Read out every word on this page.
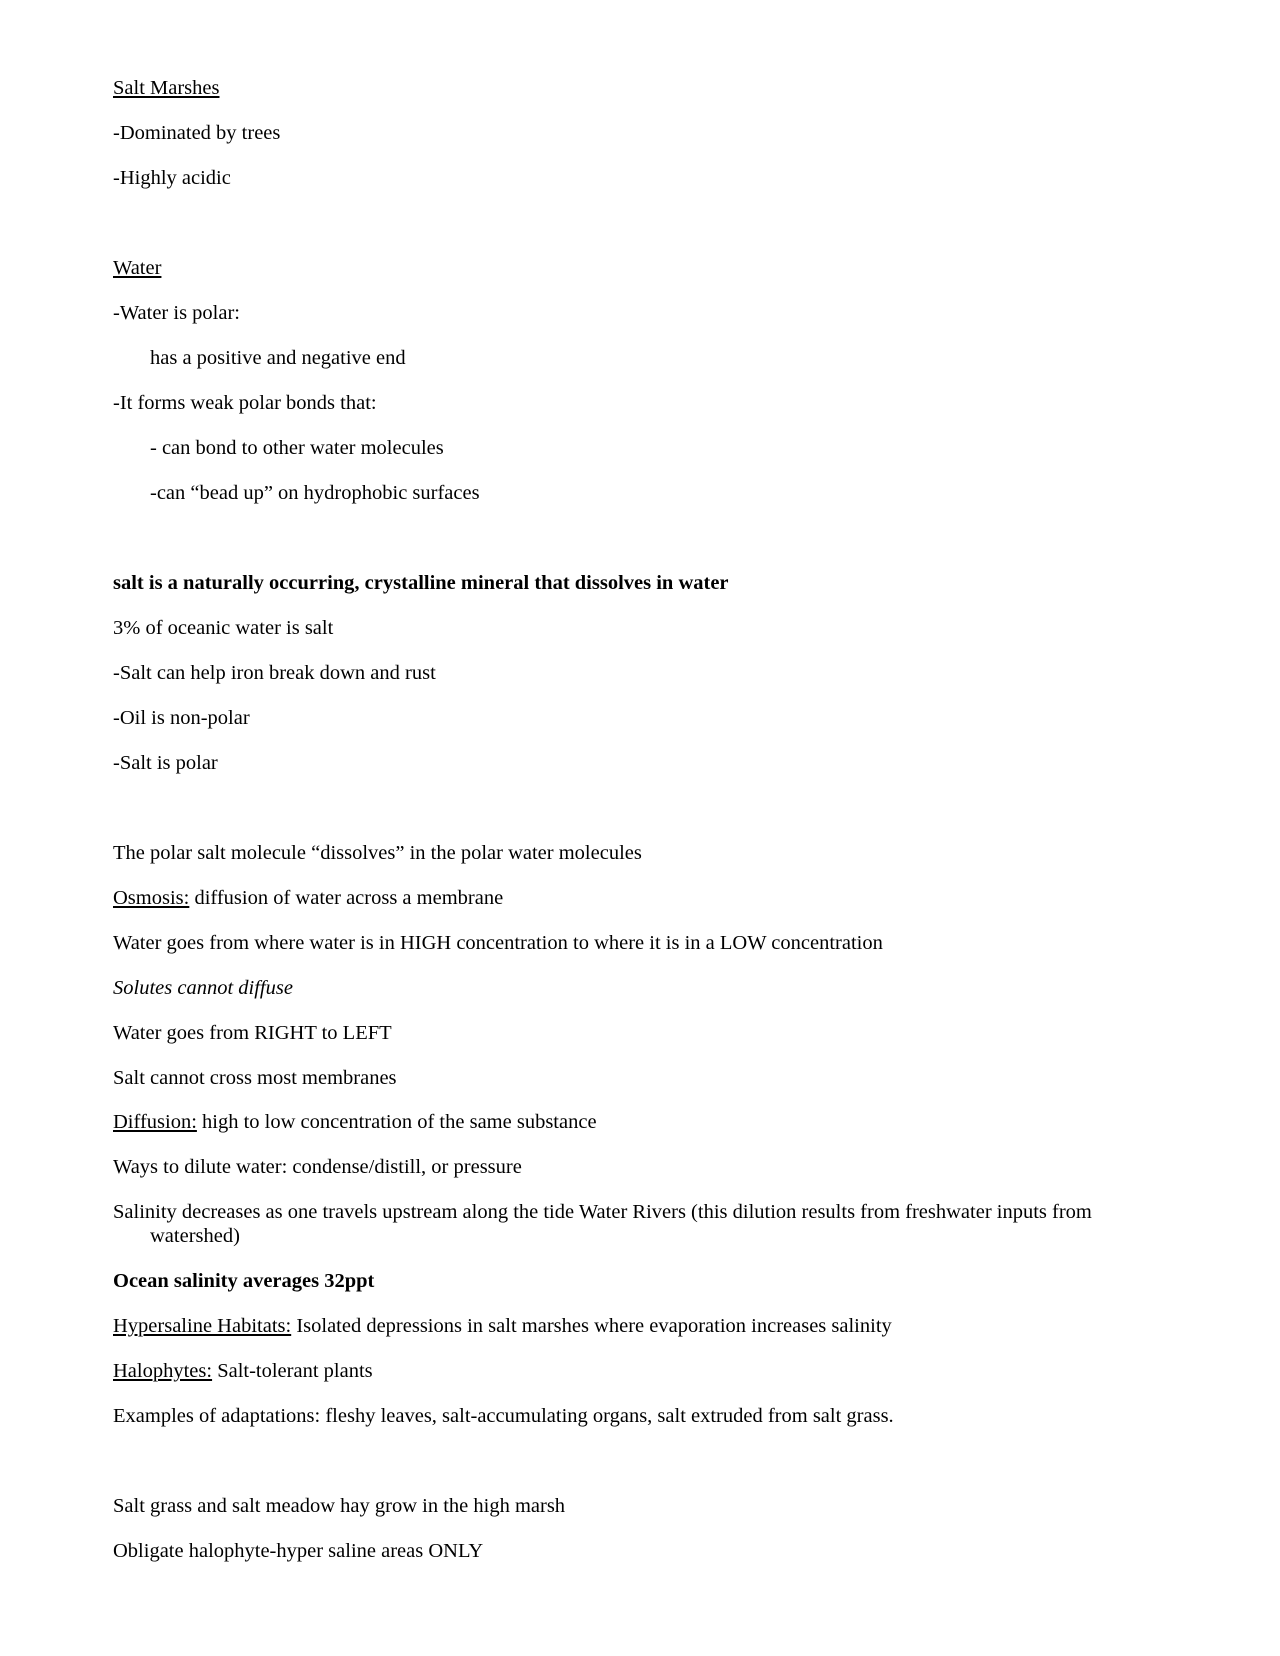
Salt Marshes
-Dominated by trees
-Highly acidic
Water
-Water is polar:
has a positive and negative end
-It forms weak polar bonds that:
- can bond to other water molecules
-can “bead up” on hydrophobic surfaces
salt is a naturally occurring, crystalline mineral that dissolves in water
3% of oceanic water is salt
-Salt can help iron break down and rust
-Oil is non-polar
-Salt is polar
The polar salt molecule “dissolves” in the polar water molecules
Osmosis: diffusion of water across a membrane
Water goes from where water is in HIGH concentration to where it is in a LOW concentration
Solutes cannot diffuse
Water goes from RIGHT to LEFT
Salt cannot cross most membranes
Diffusion: high to low concentration of the same substance
Ways to dilute water: condense/distill, or pressure
Salinity decreases as one travels upstream along the tide Water Rivers (this dilution results from freshwater inputs from
watershed)
Ocean salinity averages 32ppt
Hypersaline Habitats: Isolated depressions in salt marshes where evaporation increases salinity
Halophytes: Salt-tolerant plants
Examples of adaptations: fleshy leaves, salt-accumulating organs, salt extruded from salt grass.
Salt grass and salt meadow hay grow in the high marsh
Obligate halophyte-hyper saline areas ONLY
